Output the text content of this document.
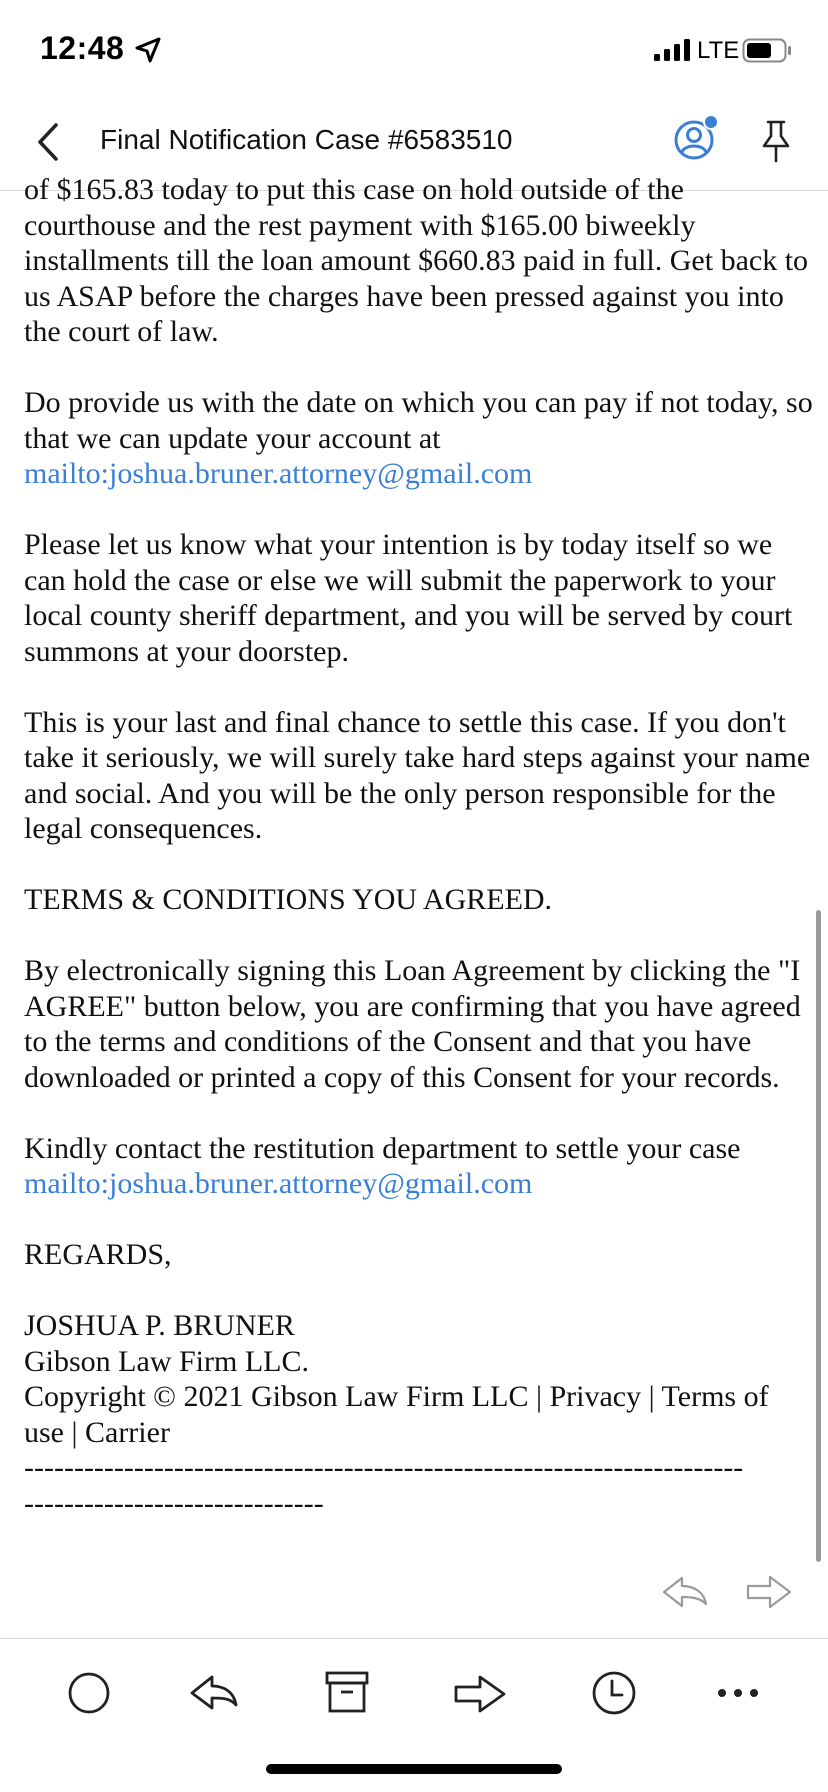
12:48	LTE
Final Notification Case #6583510

of $165.83 today to put this case on hold outside of the
courthouse and the rest payment with $165.00 biweekly installments till the loan amount $660.83 paid in full. Get back to us ASAP before the charges have been pressed against you into the court of law.

Do provide us with the date on which you can pay if not today, so that we can update your account at mailto:joshua.bruner.attorney@gmail.com

Please let us know what your intention is by today itself so we can hold the case or else we will submit the paperwork to your local county sheriff department, and you will be served by court summons at your doorstep.

This is your last and final chance to settle this case. If you don't take it seriously, we will surely take hard steps against your name and social. And you will be the only person responsible for the legal consequences.

TERMS & CONDITIONS YOU AGREED.

By electronically signing this Loan Agreement by clicking the "I AGREE" button below, you are confirming that you have agreed to the terms and conditions of the Consent and that you have downloaded or printed a copy of this Consent for your records.

Kindly contact the restitution department to settle your case mailto:joshua.bruner.attorney@gmail.com

REGARDS,

JOSHUA P. BRUNER
Gibson Law Firm LLC.
Copyright © 2021 Gibson Law Firm LLC | Privacy | Terms of use | Carrier
------------------------------------------------------------------------
------------------------------
